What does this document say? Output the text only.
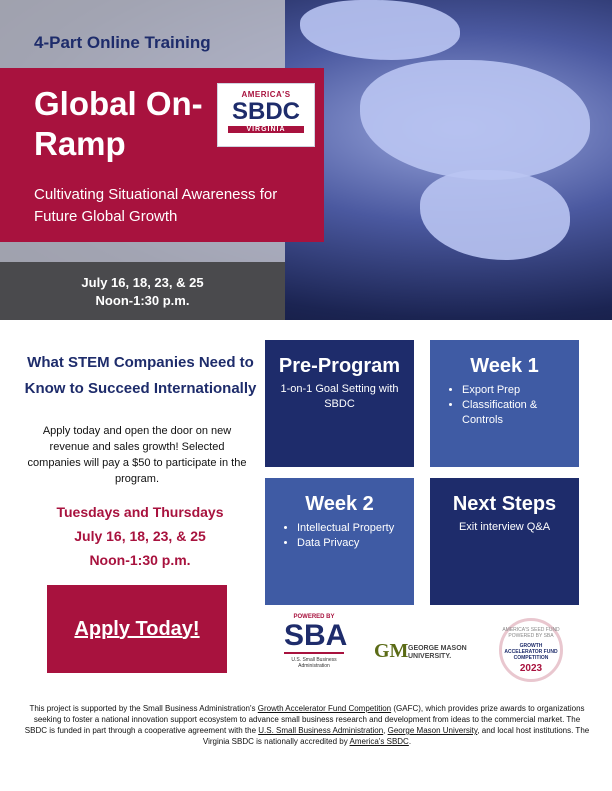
4-Part Online Training
Global On-Ramp
Cultivating Situational Awareness for Future Global Growth
AMERICA'S
SBDC
VIRGINIA
July 16, 18, 23, & 25
Noon-1:30 p.m.
What STEM Companies Need to Know to Succeed Internationally
Apply today and open the door on new revenue and sales growth! Selected companies will pay a $50 to participate in the program.
Tuesdays and Thursdays
July 16, 18, 23, & 25
Noon-1:30 p.m.
Apply Today!
Pre-Program
1-on-1 Goal Setting with SBDC
Week 1
• Export Prep
• Classification & Controls
Week 2
• Intellectual Property
• Data Privacy
Next Steps
Exit interview Q&A
POWERED BY
SBA
U.S. Small Business Administration
GM GEORGE MASON UNIVERSITY.
AMERICA'S SEED FUND POWERED BY SBA
GROWTH ACCELERATOR FUND COMPETITION
2023
This project is supported by the Small Business Administration's Growth Accelerator Fund Competition (GAFC), which provides prize awards to organizations seeking to foster a national innovation support ecosystem to advance small business research and development from ideas to the commercial market. The SBDC is funded in part through a cooperative agreement with the U.S. Small Business Administration, George Mason University, and local host institutions. The Virginia SBDC is nationally accredited by America's SBDC.
